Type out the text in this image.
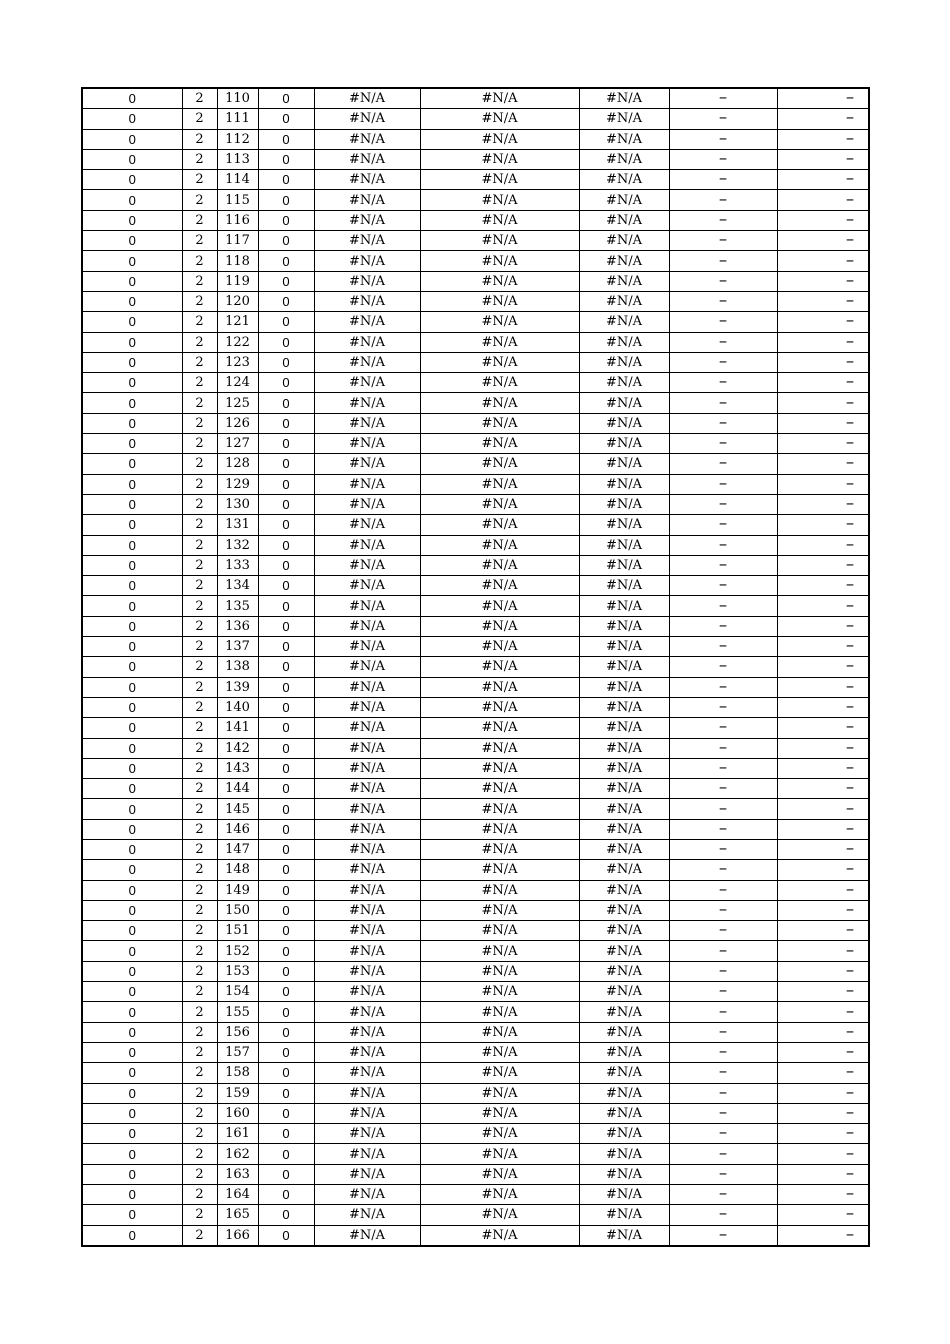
0	2	110	0	#N/A	#N/A	#N/A	−	−
0	2	111	0	#N/A	#N/A	#N/A	−	−
0	2	112	0	#N/A	#N/A	#N/A	−	−
0	2	113	0	#N/A	#N/A	#N/A	−	−
0	2	114	0	#N/A	#N/A	#N/A	−	−
0	2	115	0	#N/A	#N/A	#N/A	−	−
0	2	116	0	#N/A	#N/A	#N/A	−	−
0	2	117	0	#N/A	#N/A	#N/A	−	−
0	2	118	0	#N/A	#N/A	#N/A	−	−
0	2	119	0	#N/A	#N/A	#N/A	−	−
0	2	120	0	#N/A	#N/A	#N/A	−	−
0	2	121	0	#N/A	#N/A	#N/A	−	−
0	2	122	0	#N/A	#N/A	#N/A	−	−
0	2	123	0	#N/A	#N/A	#N/A	−	−
0	2	124	0	#N/A	#N/A	#N/A	−	−
0	2	125	0	#N/A	#N/A	#N/A	−	−
0	2	126	0	#N/A	#N/A	#N/A	−	−
0	2	127	0	#N/A	#N/A	#N/A	−	−
0	2	128	0	#N/A	#N/A	#N/A	−	−
0	2	129	0	#N/A	#N/A	#N/A	−	−
0	2	130	0	#N/A	#N/A	#N/A	−	−
0	2	131	0	#N/A	#N/A	#N/A	−	−
0	2	132	0	#N/A	#N/A	#N/A	−	−
0	2	133	0	#N/A	#N/A	#N/A	−	−
0	2	134	0	#N/A	#N/A	#N/A	−	−
0	2	135	0	#N/A	#N/A	#N/A	−	−
0	2	136	0	#N/A	#N/A	#N/A	−	−
0	2	137	0	#N/A	#N/A	#N/A	−	−
0	2	138	0	#N/A	#N/A	#N/A	−	−
0	2	139	0	#N/A	#N/A	#N/A	−	−
0	2	140	0	#N/A	#N/A	#N/A	−	−
0	2	141	0	#N/A	#N/A	#N/A	−	−
0	2	142	0	#N/A	#N/A	#N/A	−	−
0	2	143	0	#N/A	#N/A	#N/A	−	−
0	2	144	0	#N/A	#N/A	#N/A	−	−
0	2	145	0	#N/A	#N/A	#N/A	−	−
0	2	146	0	#N/A	#N/A	#N/A	−	−
0	2	147	0	#N/A	#N/A	#N/A	−	−
0	2	148	0	#N/A	#N/A	#N/A	−	−
0	2	149	0	#N/A	#N/A	#N/A	−	−
0	2	150	0	#N/A	#N/A	#N/A	−	−
0	2	151	0	#N/A	#N/A	#N/A	−	−
0	2	152	0	#N/A	#N/A	#N/A	−	−
0	2	153	0	#N/A	#N/A	#N/A	−	−
0	2	154	0	#N/A	#N/A	#N/A	−	−
0	2	155	0	#N/A	#N/A	#N/A	−	−
0	2	156	0	#N/A	#N/A	#N/A	−	−
0	2	157	0	#N/A	#N/A	#N/A	−	−
0	2	158	0	#N/A	#N/A	#N/A	−	−
0	2	159	0	#N/A	#N/A	#N/A	−	−
0	2	160	0	#N/A	#N/A	#N/A	−	−
0	2	161	0	#N/A	#N/A	#N/A	−	−
0	2	162	0	#N/A	#N/A	#N/A	−	−
0	2	163	0	#N/A	#N/A	#N/A	−	−
0	2	164	0	#N/A	#N/A	#N/A	−	−
0	2	165	0	#N/A	#N/A	#N/A	−	−
0	2	166	0	#N/A	#N/A	#N/A	−	−
